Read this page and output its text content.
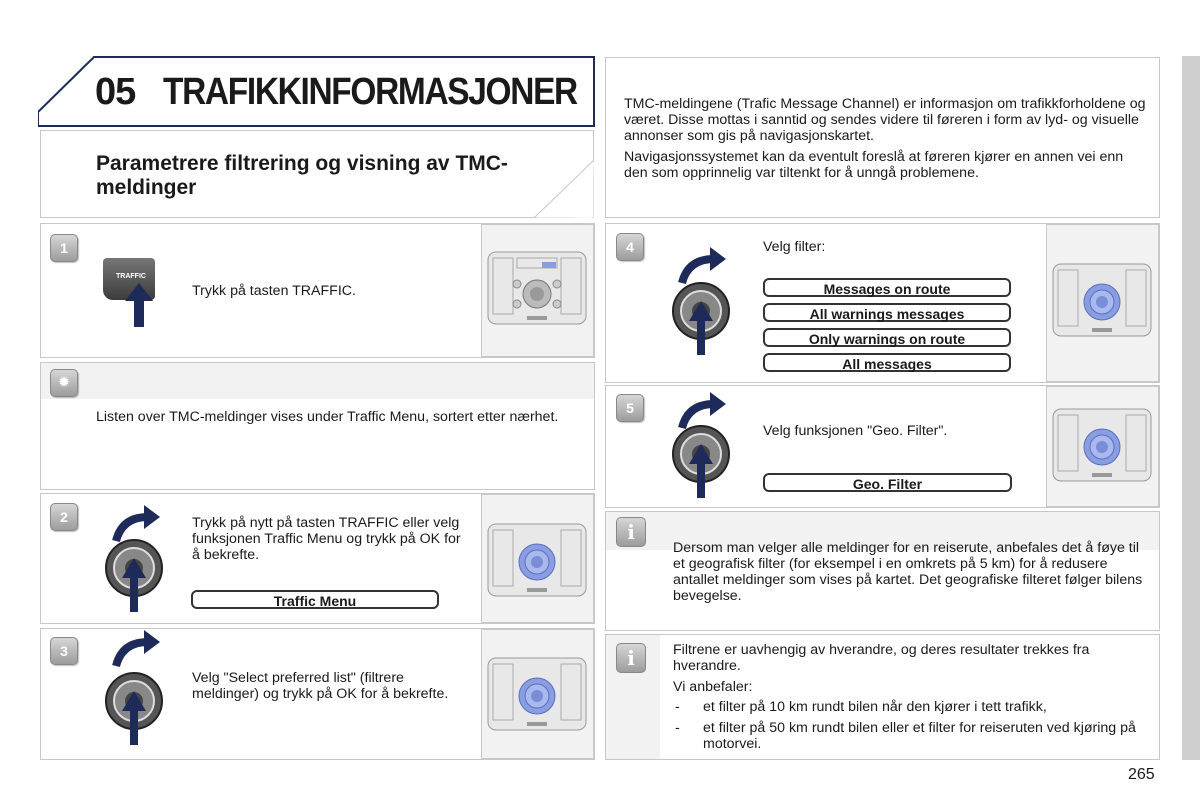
05 TRAFIKKINFORMASJONER
Parametrere filtrering og visning av TMC-meldinger
TMC-meldingene (Trafic Message Channel) er informasjon om trafikkforholdene og været. Disse mottas i sanntid og sendes videre til føreren i form av lyd- og visuelle annonser som gis på navigasjonskartet.
Navigasjonssystemet kan da eventult foreslå at føreren kjører en annen vei enn den som opprinnelig var tiltenkt for å unngå problemene.
1
TRAFFIC
Trykk på tasten TRAFFIC.
✹
Listen over TMC-meldinger vises under Traffic Menu, sortert etter nærhet.
2	Trykk på nytt på tasten TRAFFIC eller velg funksjonen Traffic Menu og trykk på OK for å bekrefte.
Traffic Menu
3
Velg "Select preferred list" (filtrere meldinger) og trykk på OK for å bekrefte.
4	Velg filter:
Messages on route
All warnings messages
Only warnings on route
All messages
5
Velg funksjonen "Geo. Filter".
Geo. Filter
i
Dersom man velger alle meldinger for en reiserute, anbefales det å føye til et geografisk filter (for eksempel i en omkrets på 5 km) for å redusere antallet meldinger som vises på kartet. Det geografiske filteret følger bilens bevegelse.
i	Filtrene er uavhengig av hverandre, og deres resultater trekkes fra hverandre.
Vi anbefaler:
- et filter på 10 km rundt bilen når den kjører i tett trafikk,
- et filter på 50 km rundt bilen eller et filter for reiseruten ved kjøring på motorvei.
265
